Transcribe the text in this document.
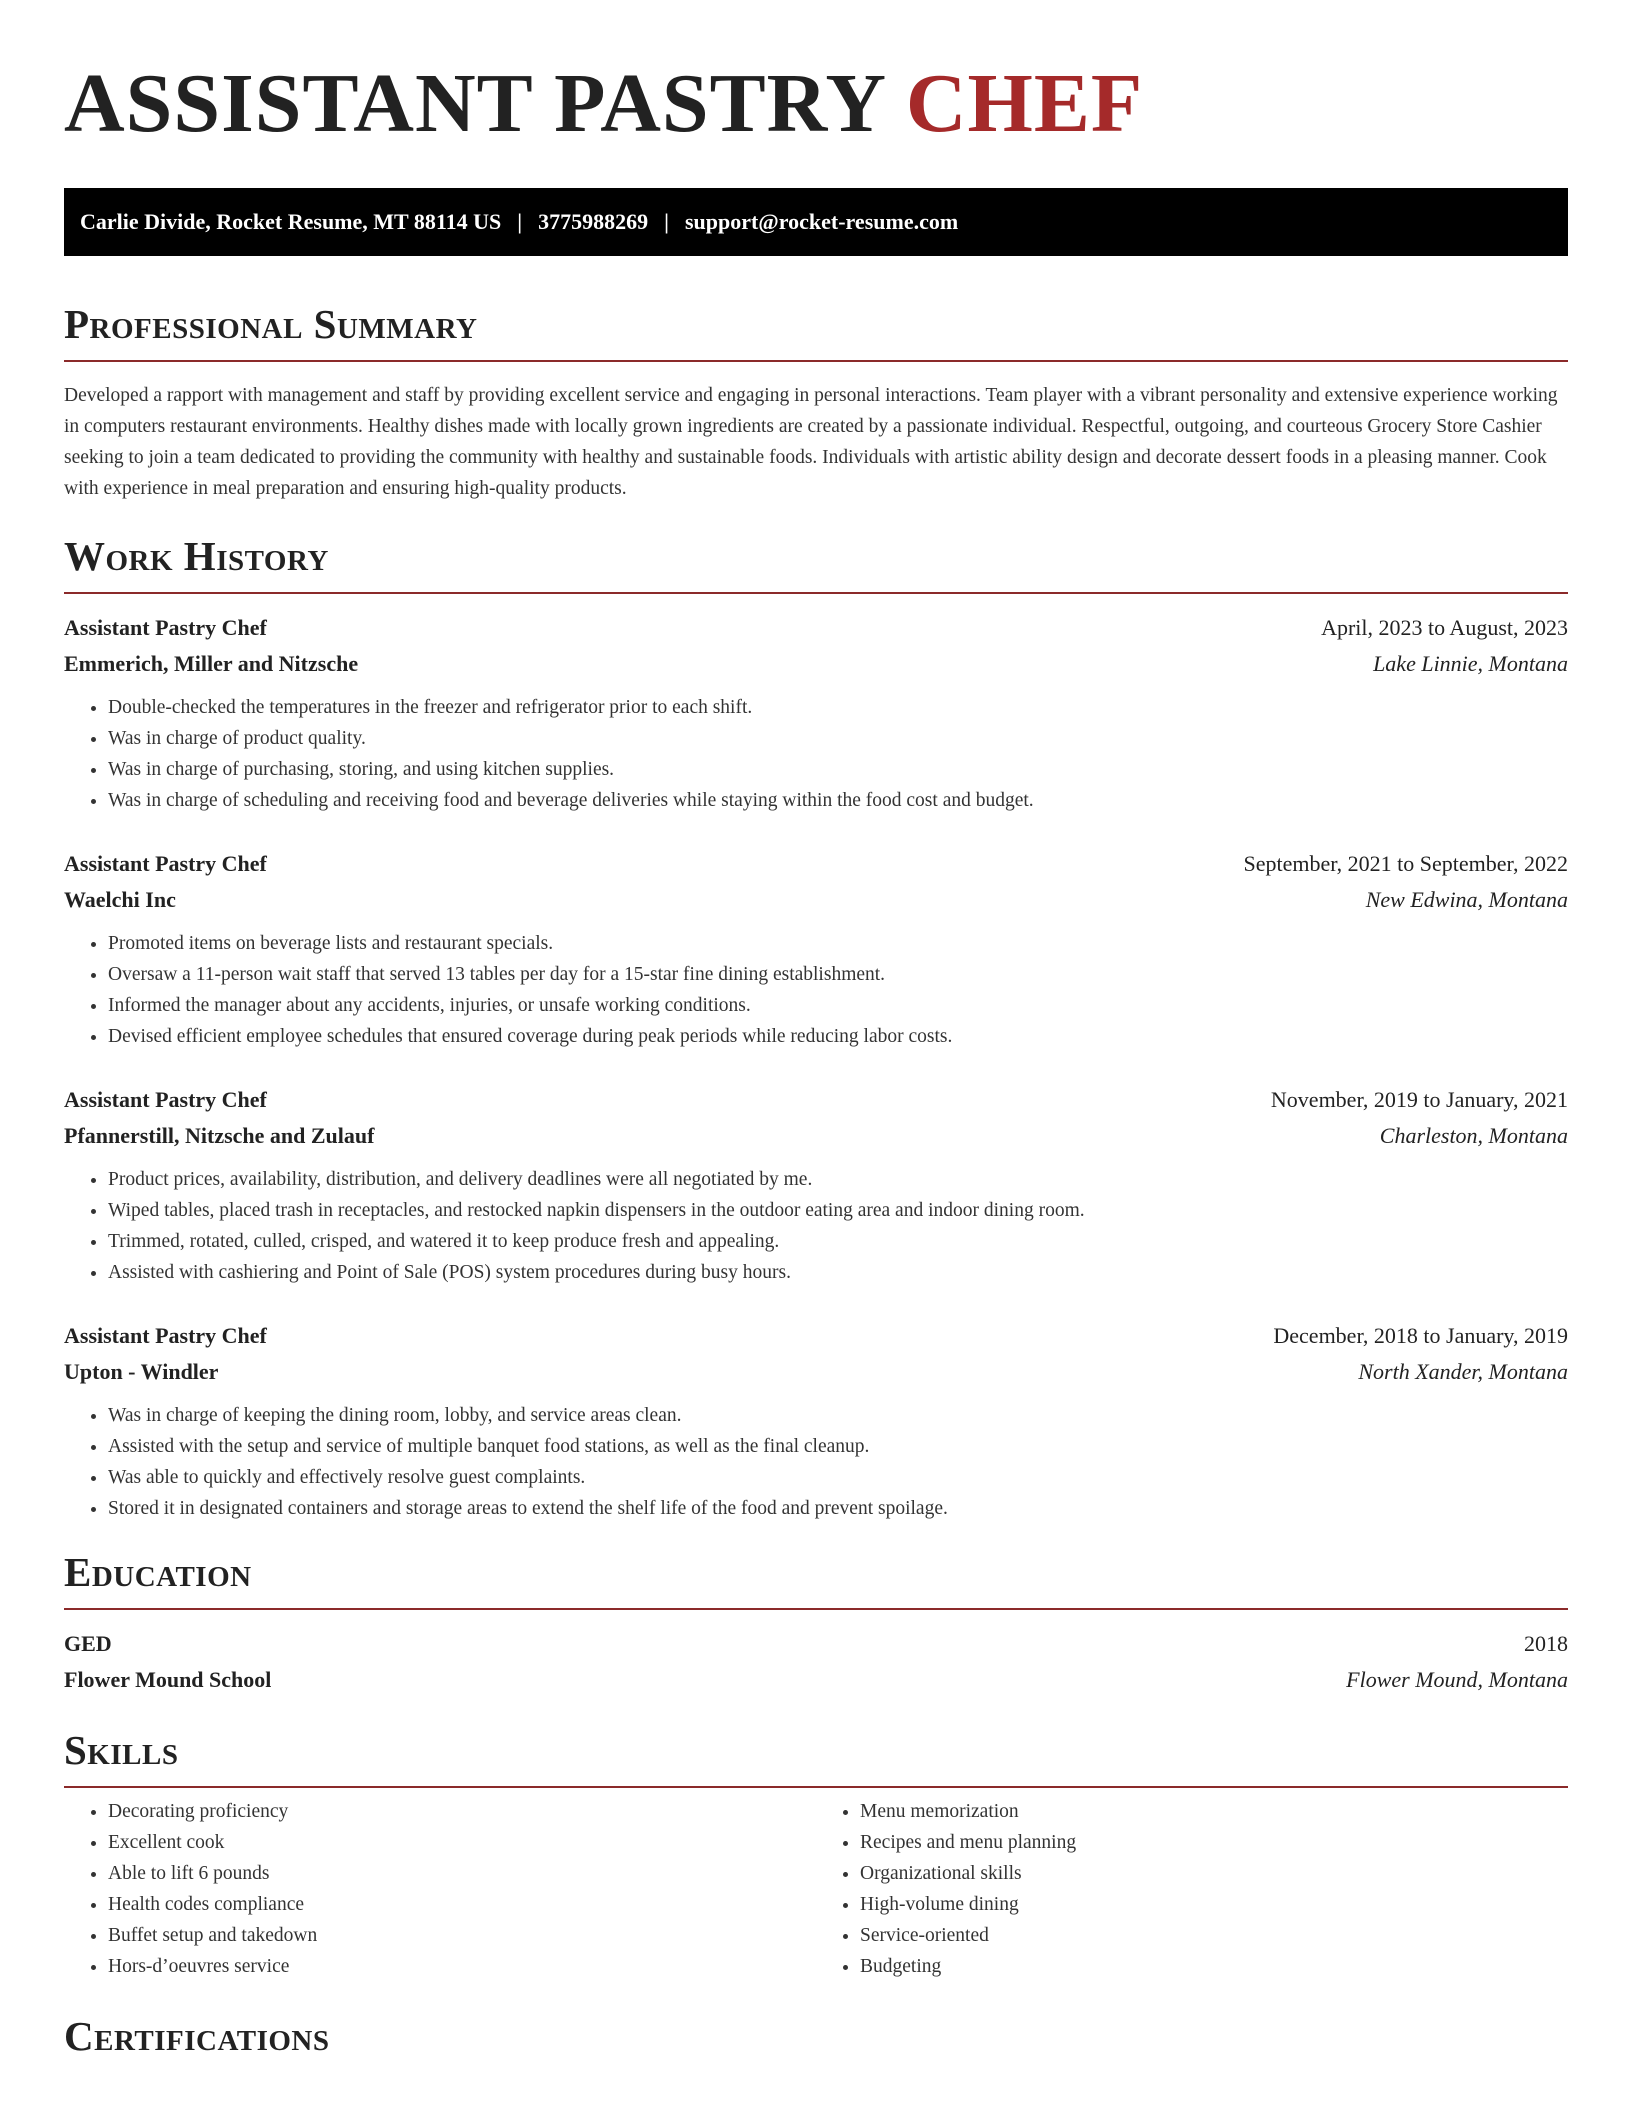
ASSISTANT PASTRY CHEF
Carlie Divide, Rocket Resume, MT 88114 US | 3775988269 | support@rocket-resume.com
Professional Summary

Developed a rapport with management and staff by providing excellent service and engaging in personal interactions. Team player with a vibrant personality and extensive experience working in computers restaurant environments. Healthy dishes made with locally grown ingredients are created by a passionate individual. Respectful, outgoing, and courteous Grocery Store Cashier seeking to join a team dedicated to providing the community with healthy and sustainable foods. Individuals with artistic ability design and decorate dessert foods in a pleasing manner. Cook with experience in meal preparation and ensuring high-quality products.

Work History
Assistant Pastry Chef	April, 2023 to August, 2023
Emmerich, Miller and Nitzsche	Lake Linnie, Montana
• Double-checked the temperatures in the freezer and refrigerator prior to each shift.
• Was in charge of product quality.
• Was in charge of purchasing, storing, and using kitchen supplies.
• Was in charge of scheduling and receiving food and beverage deliveries while staying within the food cost and budget.
Assistant Pastry Chef	September, 2021 to September, 2022
Waelchi Inc	New Edwina, Montana
• Promoted items on beverage lists and restaurant specials.
• Oversaw a 11-person wait staff that served 13 tables per day for a 15-star fine dining establishment.
• Informed the manager about any accidents, injuries, or unsafe working conditions.
• Devised efficient employee schedules that ensured coverage during peak periods while reducing labor costs.
Assistant Pastry Chef	November, 2019 to January, 2021
Pfannerstill, Nitzsche and Zulauf	Charleston, Montana
• Product prices, availability, distribution, and delivery deadlines were all negotiated by me.
• Wiped tables, placed trash in receptacles, and restocked napkin dispensers in the outdoor eating area and indoor dining room.
• Trimmed, rotated, culled, crisped, and watered it to keep produce fresh and appealing.
• Assisted with cashiering and Point of Sale (POS) system procedures during busy hours.
Assistant Pastry Chef	December, 2018 to January, 2019
Upton - Windler	North Xander, Montana
• Was in charge of keeping the dining room, lobby, and service areas clean.
• Assisted with the setup and service of multiple banquet food stations, as well as the final cleanup.
• Was able to quickly and effectively resolve guest complaints.
• Stored it in designated containers and storage areas to extend the shelf life of the food and prevent spoilage.
Education
GED	2018
Flower Mound School	Flower Mound, Montana
Skills
• Decorating proficiency
• Excellent cook
• Able to lift 6 pounds
• Health codes compliance
• Buffet setup and takedown
• Hors-d’oeuvres service
• Menu memorization
• Recipes and menu planning
• Organizational skills
• High-volume dining
• Service-oriented
• Budgeting
Certifications
